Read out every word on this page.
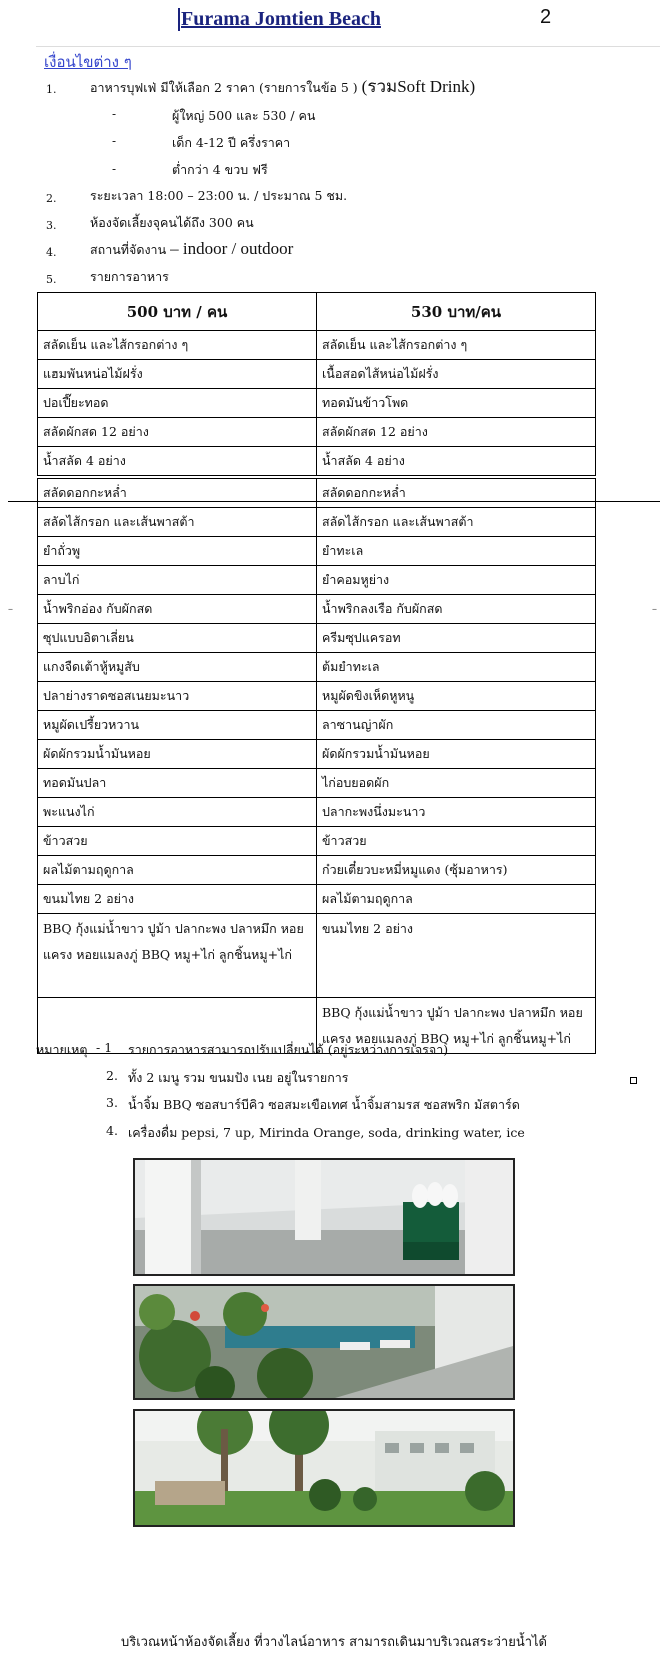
Furama Jomtien Beach	2
เงื่อนไขต่าง ๆ
1.	อาหารบุฟเฟ่ มีให้เลือก 2 ราคา (รายการในข้อ 5 ) (รวมSoft Drink)
-	ผู้ใหญ่ 500 และ 530 / คน
-	เด็ก 4-12 ปี ครึ่งราคา
-	ต่ำกว่า 4 ขวบ ฟรี
2.	ระยะเวลา 18:00 – 23:00 น. / ประมาณ 5 ชม.
3.	ห้องจัดเลี้ยงจุคนได้ถึง 300 คน
4.	สถานที่จัดงาน – indoor / outdoor
5.	รายการอาหาร
500 บาท / คน	530 บาท/คน
สลัดเย็น และไส้กรอกต่าง ๆ	สลัดเย็น และไส้กรอกต่าง ๆ
แฮมพันหน่อไม้ฝรั่ง	เนื้อสอดไส้หน่อไม้ฝรั่ง
ปอเปี๊ยะทอด	ทอดมันข้าวโพด
สลัดผักสด 12 อย่าง	สลัดผักสด 12 อย่าง
น้ำสลัด 4 อย่าง	น้ำสลัด 4 อย่าง
–	–
สลัดดอกกะหล่ำ	สลัดดอกกะหล่ำ
สลัดไส้กรอก และเส้นพาสต้า	สลัดไส้กรอก และเส้นพาสต้า
ยำถั่วพู	ยำทะเล
ลาบไก่	ยำคอมหูย่าง
น้ำพริกอ่อง กับผักสด	น้ำพริกลงเรือ กับผักสด
ซุปแบบอิตาเลี่ยน	ครีมซุปแครอท
แกงจืดเต้าหู้หมูสับ	ต้มยำทะเล
ปลาย่างราดซอสเนยมะนาว	หมูผัดขิงเห็ดหูหนู
หมูผัดเปรี้ยวหวาน	ลาซานญ่าผัก
ผัดผักรวมน้ำมันหอย	ผัดผักรวมน้ำมันหอย
ทอดมันปลา	ไก่อบยอดผัก
พะแนงไก่	ปลากะพงนึ่งมะนาว
ข้าวสวย	ข้าวสวย
ผลไม้ตามฤดูกาล	ก๋วยเตี๋ยวบะหมี่หมูแดง (ซุ้มอาหาร)
ขนมไทย 2 อย่าง	ผลไม้ตามฤดูกาล
BBQ กุ้งแม่น้ำขาว ปูม้า ปลากะพง ปลาหมึก หอยแครง หอยแมลงภู่ BBQ หมู+ไก่ ลูกชิ้นหมู+ไก่	ขนมไทย 2 อย่าง
	BBQ กุ้งแม่น้ำขาว ปูม้า ปลากะพง ปลาหมึก หอยแครง หอยแมลงภู่ BBQ หมู+ไก่ ลูกชิ้นหมู+ไก่
หมายเหตุ - 1 รายการอาหารสามารถปรับเปลี่ยนได้ (อยู่ระหว่างการเจรจา)
2. ทั้ง 2 เมนู รวม ขนมปัง เนย อยู่ในรายการ
3. น้ำจิ้ม BBQ ซอสบาร์บีคิว ซอสมะเขือเทศ น้ำจิ้มสามรส ซอสพริก มัสตาร์ด
4. เครื่องดื่ม pepsi, 7 up, Mirinda Orange, soda, drinking water, ice
บริเวณหน้าห้องจัดเลี้ยง ที่วางไลน์อาหาร สามารถเดินมาบริเวณสระว่ายน้ำได้
